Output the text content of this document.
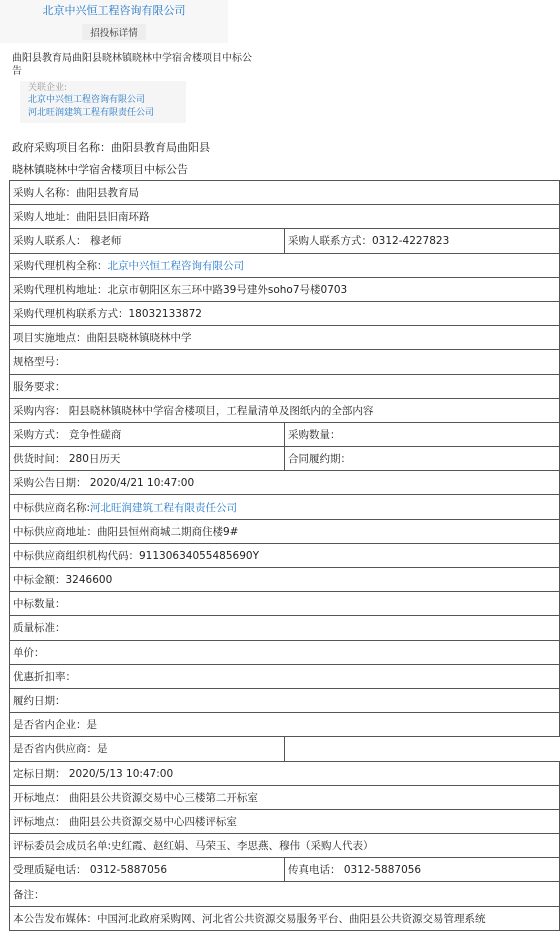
北京中兴恒工程咨询有限公司
招投标详情
曲阳县教育局曲阳县晓林镇晓林中学宿舍楼项目中标公告
关联企业:
北京中兴恒工程咨询有限公司
河北旺润建筑工程有限责任公司
政府采购项目名称：曲阳县教育局曲阳县
晓林镇晓林中学宿舍楼项目中标公告
采购人名称：曲阳县教育局	
采购人地址：曲阳县旧南环路	
采购人联系人： 穆老师	采购人联系方式：0312-4227823
采购代理机构全称：北京中兴恒工程咨询有限公司	
采购代理机构地址：北京市朝阳区东三环中路39号建外soho7号楼0703	
采购代理机构联系方式：18032133872	
项目实施地点：曲阳县晓林镇晓林中学	
规格型号：	
服务要求：	
采购内容： 阳县晓林镇晓林中学宿舍楼项目，工程量清单及图纸内的全部内容	
采购方式： 竞争性磋商	采购数量：
供货时间： 280日历天	合同履约期：
采购公告日期： 2020/4/21 10:47:00	
中标供应商名称:河北旺润建筑工程有限责任公司	
中标供应商地址：曲阳县恒州商城二期商住楼9#	
中标供应商组织机构代码：91130634055485690Y	
中标金额：3246600	
中标数量：	
质量标准：	
单价：	
优惠折扣率：	
履约日期：	
是否省内企业：是	
是否省内供应商：是	
定标日期： 2020/5/13 10:47:00	
开标地点： 曲阳县公共资源交易中心三楼第二开标室	
评标地点： 曲阳县公共资源交易中心四楼评标室	
评标委员会成员名单:史红霞、赵红娟、马荣玉、李思燕、穆伟（采购人代表）	
受理质疑电话： 0312-5887056	传真电话： 0312-5887056
备注：	
本公告发布媒体：中国河北政府采购网、河北省公共资源交易服务平台、曲阳县公共资源交易管理系统	
